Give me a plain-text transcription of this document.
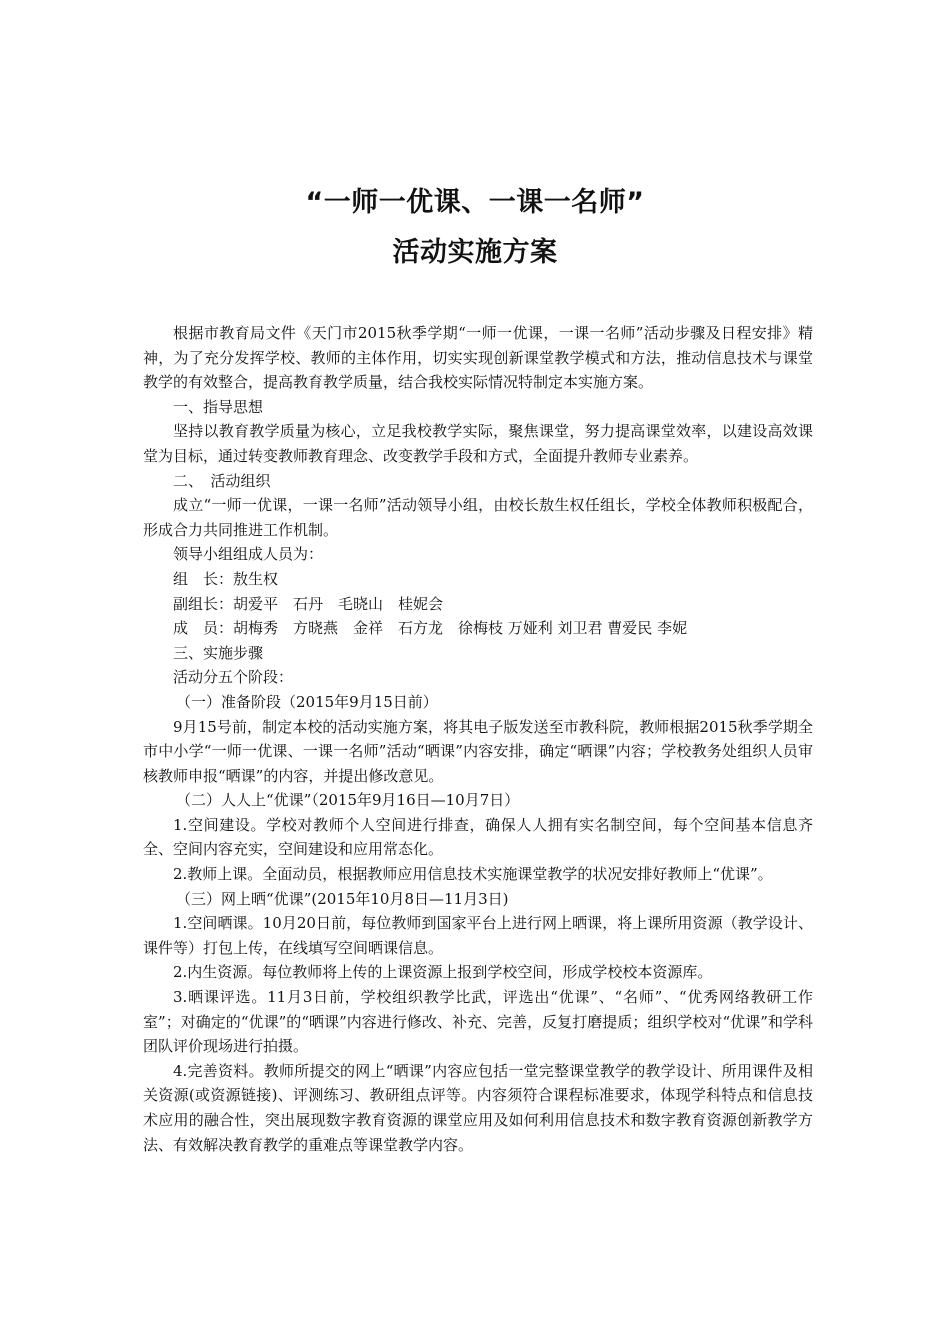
“一师一优课、一课一名师”
活动实施方案

根据市教育局文件《天门市2015秋季学期“一师一优课，一课一名师”活动步骤及日程安排》精神，为了充分发挥学校、教师的主体作用，切实实现创新课堂教学模式和方法，推动信息技术与课堂教学的有效整合，提高教育教学质量，结合我校实际情况特制定本实施方案。

一、指导思想

坚持以教育教学质量为核心，立足我校教学实际，聚焦课堂，努力提高课堂效率，以建设高效课堂为目标，通过转变教师教育理念、改变教学手段和方式，全面提升教师专业素养。

二、　活动组织

成立“一师一优课，一课一名师”活动领导小组，由校长敖生权任组长，学校全体教师积极配合，形成合力共同推进工作机制。

领导小组组成人员为：

组　长：敖生权

副组长：胡爱平　石丹　毛晓山　桂妮会

成　员：胡梅秀　方晓燕　金祥　石方龙　徐梅枝 万娅利 刘卫君 曹爱民 李妮

三、实施步骤

活动分五个阶段：

（一）准备阶段（2015年9月15日前）

9月15号前，制定本校的活动实施方案，将其电子版发送至市教科院，教师根据2015秋季学期全市中小学“一师一优课、一课一名师”活动“晒课”内容安排，确定“晒课”内容；学校教务处组织人员审核教师申报“晒课”的内容，并提出修改意见。

（二）人人上“优课”（2015年9月16日—10月7日）

1.空间建设。学校对教师个人空间进行排查，确保人人拥有实名制空间，每个空间基本信息齐全、空间内容充实，空间建设和应用常态化。

2.教师上课。全面动员，根据教师应用信息技术实施课堂教学的状况安排好教师上“优课”。

（三）网上晒“优课”(2015年10月8日—11月3日)

1.空间晒课。10月20日前，每位教师到国家平台上进行网上晒课，将上课所用资源（教学设计、课件等）打包上传，在线填写空间晒课信息。

2.内生资源。每位教师将上传的上课资源上报到学校空间，形成学校校本资源库。

3.晒课评选。11月3日前，学校组织教学比武，评选出“优课”、“名师”、“优秀网络教研工作室”；对确定的“优课”的“晒课”内容进行修改、补充、完善，反复打磨提质；组织学校对“优课”和学科团队评价现场进行拍摄。

4.完善资料。教师所提交的网上“晒课”内容应包括一堂完整课堂教学的教学设计、所用课件及相关资源(或资源链接)、评测练习、教研组点评等。内容须符合课程标准要求，体现学科特点和信息技术应用的融合性，突出展现数字教育资源的课堂应用及如何利用信息技术和数字教育资源创新教学方法、有效解决教育教学的重难点等课堂教学内容。
